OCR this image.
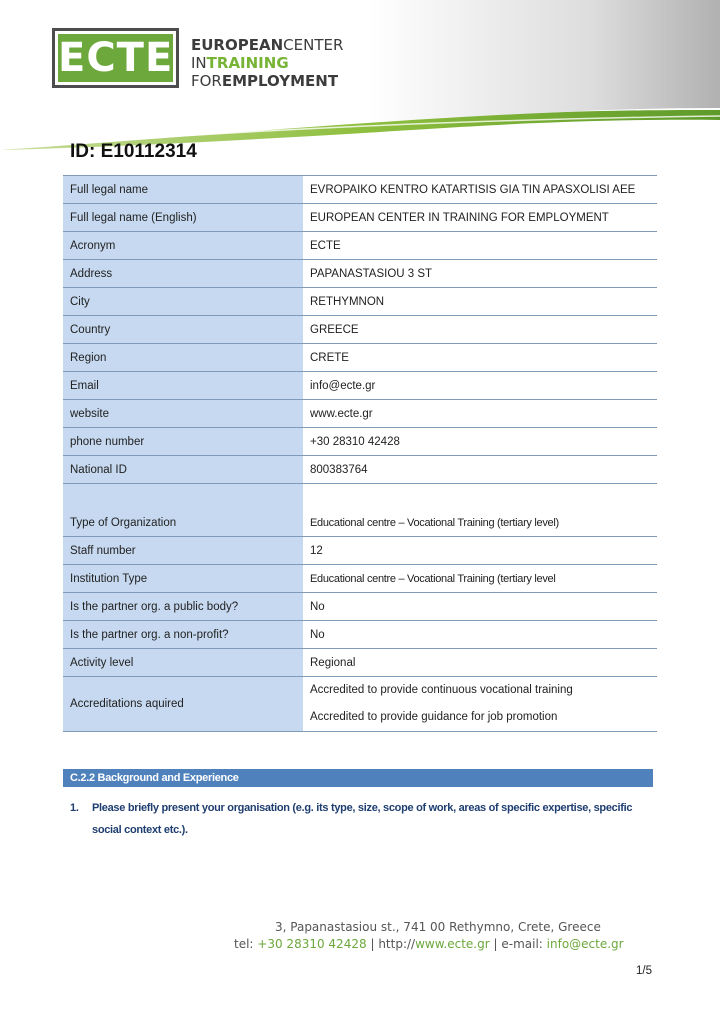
ECTE EUROPEANCENTER
INTRAINING
FOREMPLOYMENT
ID: E10112314
Full legal name	EVROPAIKO KENTRO KATARTISIS GIA TIN APASXOLISI AEE
Full legal name (English)	EUROPEAN CENTER IN TRAINING FOR EMPLOYMENT
Acronym	ECTE
Address	PAPANASTASIOU 3 ST
City	RETHYMNON
Country	GREECE
Region	CRETE
Email	info@ecte.gr
website	www.ecte.gr
phone number	+30 28310 42428
National ID	800383764

Type of Organization	Educational centre – Vocational Training (tertiary level)
Staff number	12
Institution Type	Educational centre – Vocational Training (tertiary level
Is the partner org. a public body?	No
Is the partner org. a non-profit?	No
Activity level	Regional
Accreditations aquired	Accredited to provide continuous vocational training
Accredited to provide guidance for job promotion
C.2.2 Background and Experience
1.	Please briefly present your organisation (e.g. its type, size, scope of work, areas of specific expertise, specific social context etc.).
3, Papanastasiou st., 741 00 Rethymno, Crete, Greece
tel: +30 28310 42428 | http://www.ecte.gr | e-mail: info@ecte.gr
1/5
